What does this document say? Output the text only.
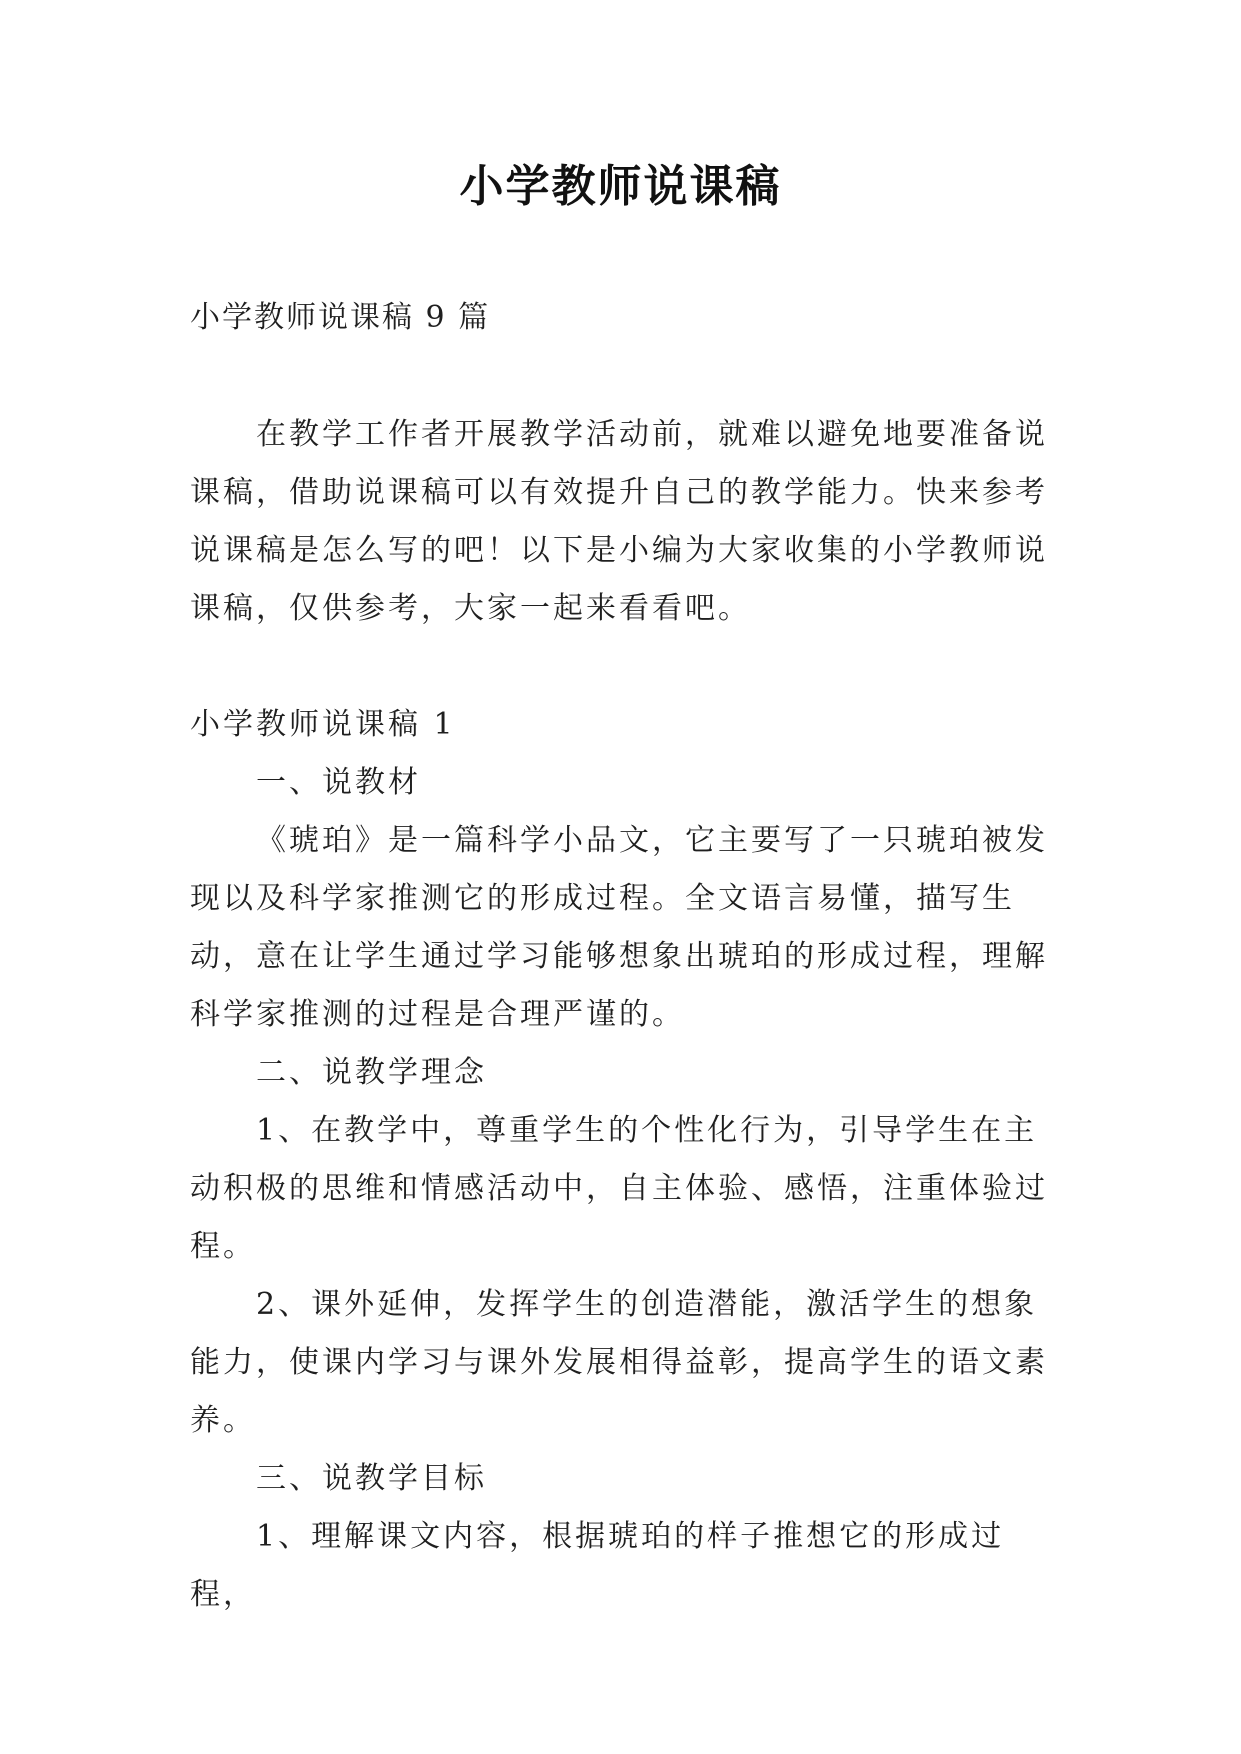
小学教师说课稿
小学教师说课稿 9 篇
在教学工作者开展教学活动前，就难以避免地要准备说课稿，借助说课稿可以有效提升自己的教学能力。快来参考说课稿是怎么写的吧！以下是小编为大家收集的小学教师说课稿，仅供参考，大家一起来看看吧。

小学教师说课稿 1

一、说教材

《琥珀》是一篇科学小品文，它主要写了一只琥珀被发现以及科学家推测它的形成过程。全文语言易懂，描写生动，意在让学生通过学习能够想象出琥珀的形成过程，理解科学家推测的过程是合理严谨的。

二、说教学理念

1、在教学中，尊重学生的个性化行为，引导学生在主动积极的思维和情感活动中，自主体验、感悟，注重体验过程。

2、课外延伸，发挥学生的创造潜能，激活学生的想象能力，使课内学习与课外发展相得益彰，提高学生的语文素养。

三、说教学目标

1、理解课文内容，根据琥珀的样子推想它的形成过程，
